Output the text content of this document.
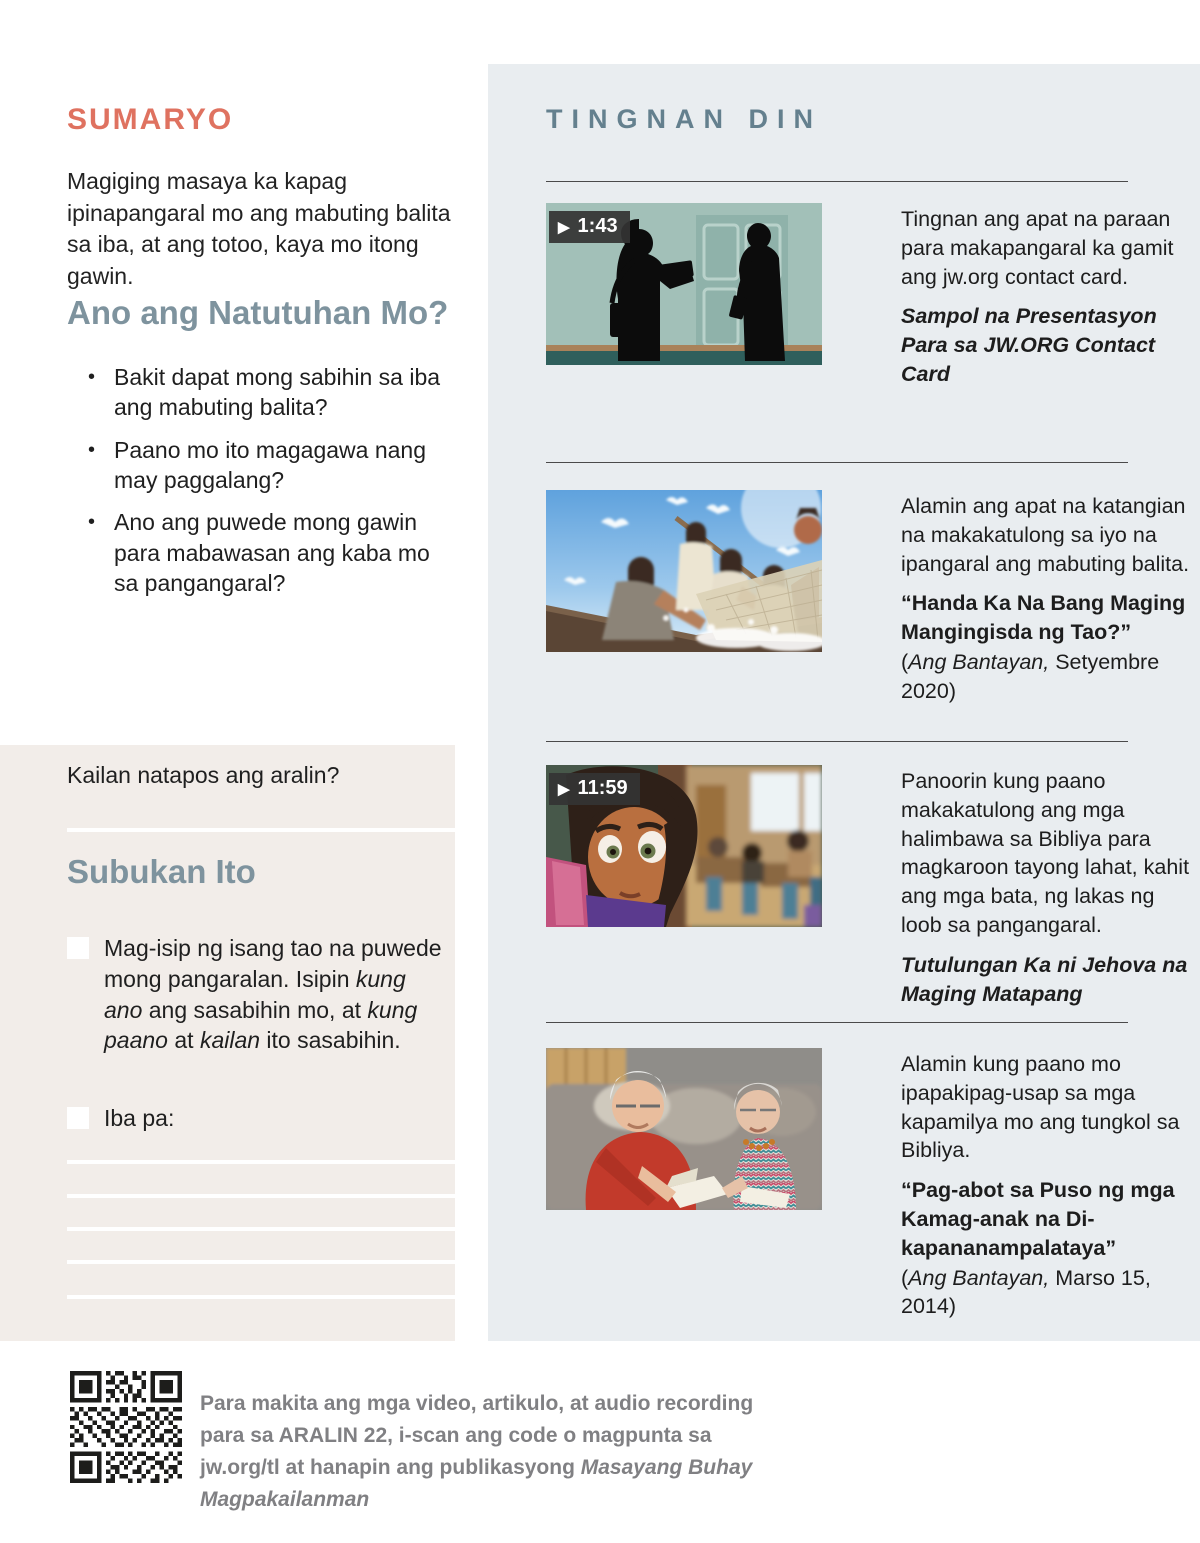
SUMARYO
Magiging masaya ka kapag ipinapangaral mo ang mabuting balita sa iba, at ang totoo, kaya mo itong gawin.
Ano ang Natutuhan Mo?
• Bakit dapat mong sabihin sa iba ang mabuting balita?
• Paano mo ito magagawa nang may paggalang?
• Ano ang puwede mong gawin para mabawasan ang kaba mo sa pangangaral?
Kailan natapos ang aralin?
Subukan Ito
Mag-isip ng isang tao na puwede mong pangaralan. Isipin kung ano ang sasabihin mo, at kung paano at kailan ito sasabihin.
Iba pa:
TINGNAN DIN
▶ 1:43	Tingnan ang apat na paraan para makapangaral ka gamit ang jw.org contact card.
Sampol na Presentasyon Para sa JW.ORG Contact Card
Alamin ang apat na katangian na makakatulong sa iyo na ipangaral ang mabuting balita.
“Handa Ka Na Bang Maging Mangingisda ng Tao?”
(Ang Bantayan, Setyembre 2020)
▶ 11:59	Panoorin kung paano makakatulong ang mga halimbawa sa Bibliya para magkaroon tayong lahat, kahit ang mga bata, ng lakas ng loob sa pangangaral.
Tutulungan Ka ni Jehova na Maging Matapang
Alamin kung paano mo ipapakipag-usap sa mga kapamilya mo ang tungkol sa Bibliya.
“Pag-abot sa Puso ng mga Kamag-anak na Di-kapananampalataya”
(Ang Bantayan, Marso 15, 2014)
Para makita ang mga video, artikulo, at audio recording para sa ARALIN 22, i-scan ang code o magpunta sa jw.org/tl at hanapin ang publikasyong Masayang Buhay Magpakailanman
